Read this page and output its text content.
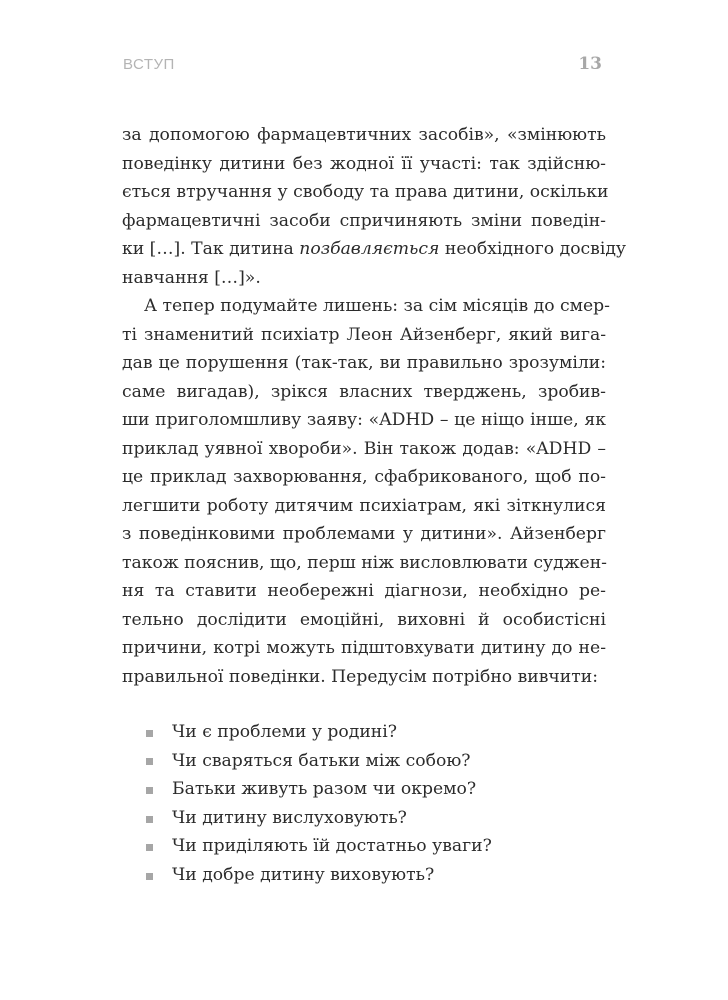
ВСТУП	13
за допомогою фармацевтичних засобів», «змінюють
поведінку дитини без жодної її участі: так здійсню-
ється втручання у свободу та права дитини, оскільки
фармацевтичні засоби спричиняють зміни поведін-
ки […]. Так дитина позбавляється необхідного досвіду
навчання […]».
А тепер подумайте лишень: за сім місяців до смер-
ті знаменитий психіатр Леон Айзенберг, який вига-
дав це порушення (так-так, ви правильно зрозуміли:
саме вигадав), зрікся власних тверджень, зробив-
ши приголомшливу заяву: «ADHD – це ніщо інше, як
приклад уявної хвороби». Він також додав: «ADHD –
це приклад захворювання, сфабрикованого, щоб по-
легшити роботу дитячим психіатрам, які зіткнулися
з поведінковими проблемами у дитини». Айзенберг
також пояснив, що, перш ніж висловлювати суджен-
ня та ставити необережні діагнози, необхідно ре-
тельно дослідити емоційні, виховні й особистісні
причини, котрі можуть підштовхувати дитину до не-
правильної поведінки. Передусім потрібно вивчити:
Чи є проблеми у родині?
Чи сваряться батьки між собою?
Батьки живуть разом чи окремо?
Чи дитину вислуховують?
Чи приділяють їй достатньо уваги?
Чи добре дитину виховують?
